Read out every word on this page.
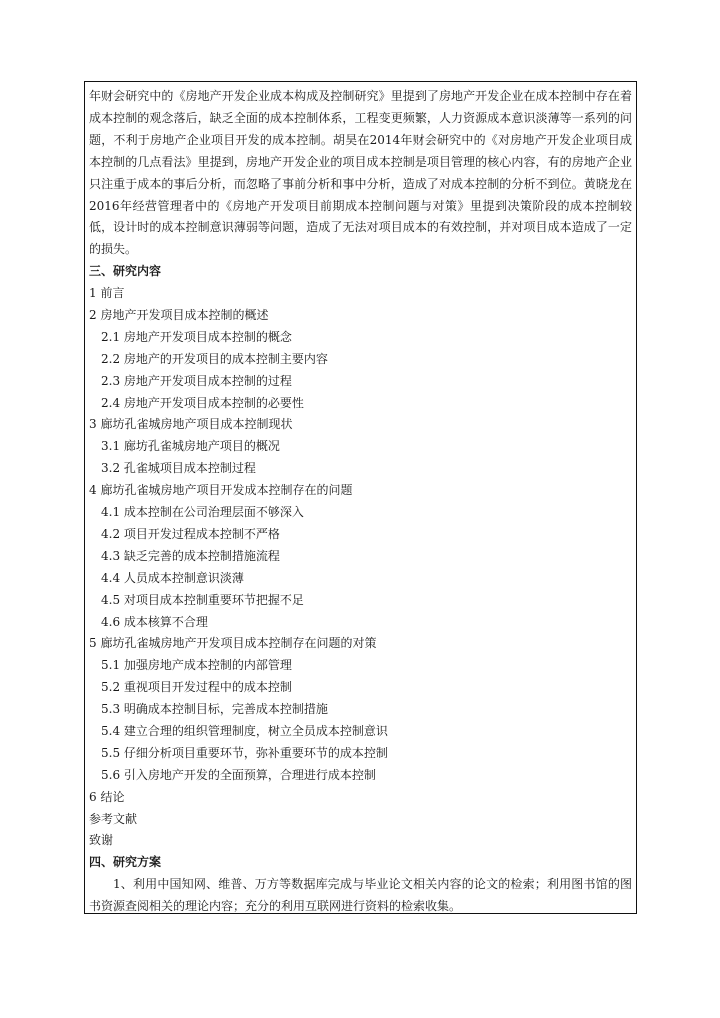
年财会研究中的《房地产开发企业成本构成及控制研究》里提到了房地产开发企业在成本控制中存在着成本控制的观念落后，缺乏全面的成本控制体系，工程变更频繁，人力资源成本意识淡薄等一系列的问题，不利于房地产企业项目开发的成本控制。胡昊在2014年财会研究中的《对房地产开发企业项目成本控制的几点看法》里提到，房地产开发企业的项目成本控制是项目管理的核心内容，有的房地产企业只注重于成本的事后分析，而忽略了事前分析和事中分析，造成了对成本控制的分析不到位。黄晓龙在2016年经营管理者中的《房地产开发项目前期成本控制问题与对策》里提到决策阶段的成本控制较低，设计时的成本控制意识薄弱等问题，造成了无法对项目成本的有效控制，并对项目成本造成了一定的损失。

三、研究内容
1 前言
2 房地产开发项目成本控制的概述
2.1 房地产开发项目成本控制的概念
2.2 房地产的开发项目的成本控制主要内容
2.3 房地产开发项目成本控制的过程
2.4 房地产开发项目成本控制的必要性
3 廊坊孔雀城房地产项目成本控制现状
3.1 廊坊孔雀城房地产项目的概况
3.2 孔雀城项目成本控制过程
4 廊坊孔雀城房地产项目开发成本控制存在的问题
4.1 成本控制在公司治理层面不够深入
4.2 项目开发过程成本控制不严格
4.3 缺乏完善的成本控制措施流程
4.4 人员成本控制意识淡薄
4.5 对项目成本控制重要环节把握不足
4.6 成本核算不合理
5 廊坊孔雀城房地产开发项目成本控制存在问题的对策
5.1 加强房地产成本控制的内部管理
5.2 重视项目开发过程中的成本控制
5.3 明确成本控制目标，完善成本控制措施
5.4 建立合理的组织管理制度，树立全员成本控制意识
5.5 仔细分析项目重要环节，弥补重要环节的成本控制
5.6 引入房地产开发的全面预算，合理进行成本控制
6 结论
参考文献
致谢
四、研究方案

1、利用中国知网、维普、万方等数据库完成与毕业论文相关内容的论文的检索；利用图书馆的图书资源查阅相关的理论内容；充分的利用互联网进行资料的检索收集。
